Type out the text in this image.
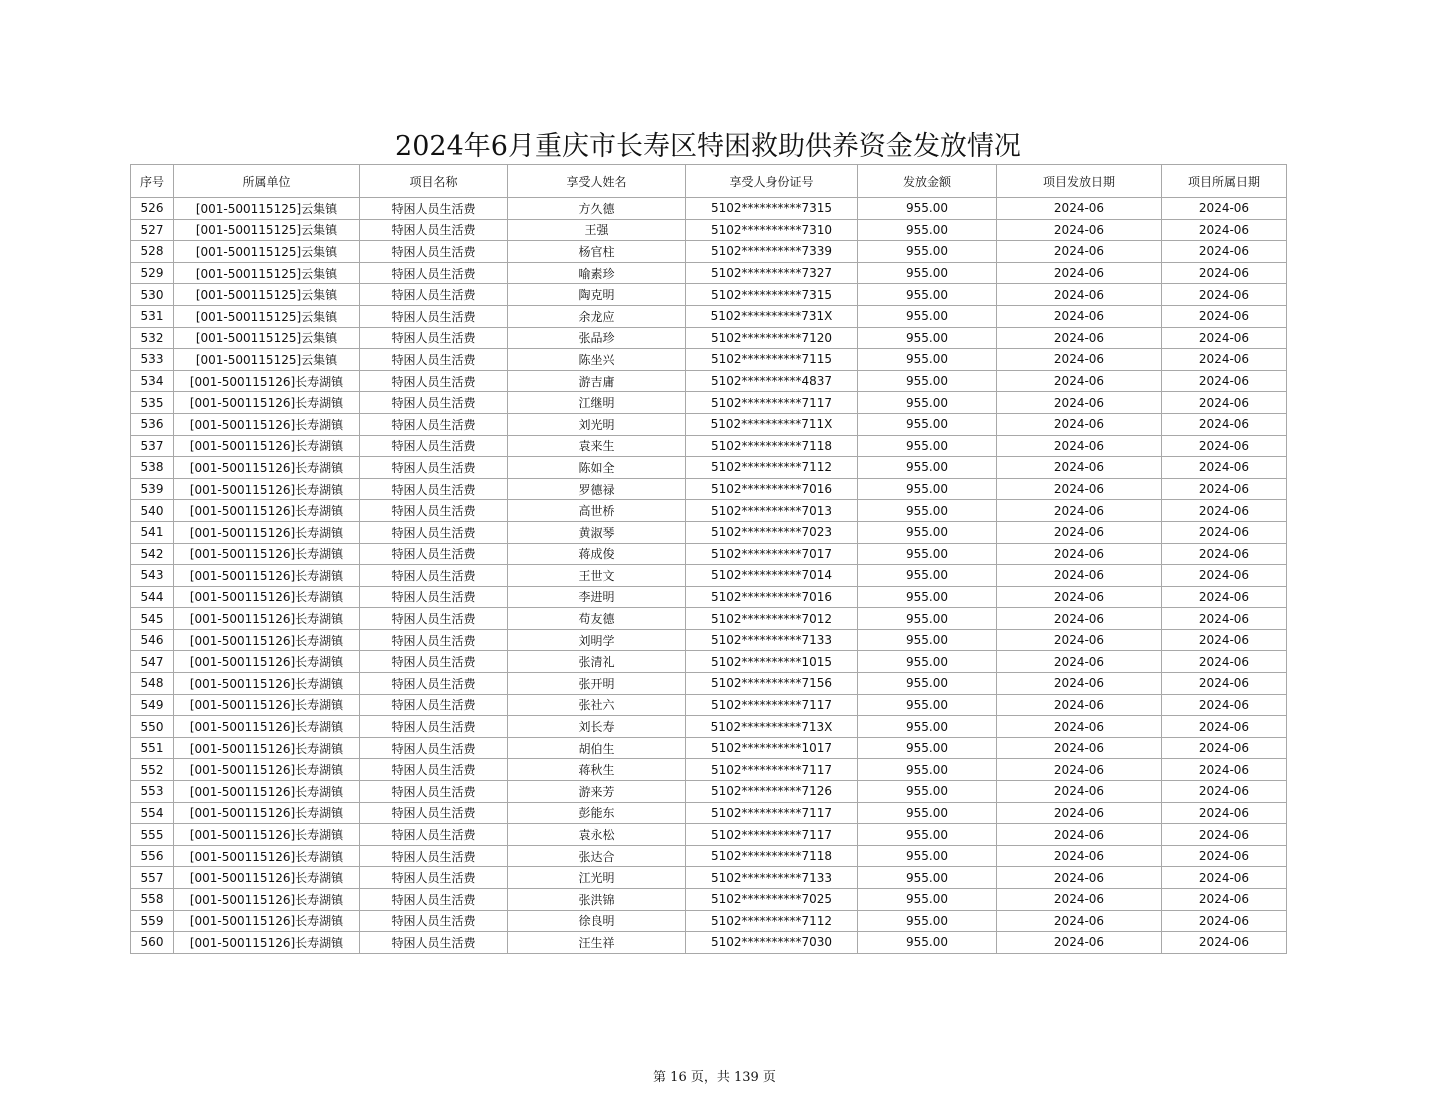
2024年6月重庆市长寿区特困救助供养资金发放情况
序号	所属单位	项目名称	享受人姓名	享受人身份证号	发放金额	项目发放日期	项目所属日期
526	[001-500115125]云集镇	特困人员生活费	方久德	5102**********7315	955.00	2024-06	2024-06
527	[001-500115125]云集镇	特困人员生活费	王强	5102**********7310	955.00	2024-06	2024-06
528	[001-500115125]云集镇	特困人员生活费	杨官柱	5102**********7339	955.00	2024-06	2024-06
529	[001-500115125]云集镇	特困人员生活费	喻素珍	5102**********7327	955.00	2024-06	2024-06
530	[001-500115125]云集镇	特困人员生活费	陶克明	5102**********7315	955.00	2024-06	2024-06
531	[001-500115125]云集镇	特困人员生活费	余龙应	5102**********731X	955.00	2024-06	2024-06
532	[001-500115125]云集镇	特困人员生活费	张品珍	5102**********7120	955.00	2024-06	2024-06
533	[001-500115125]云集镇	特困人员生活费	陈坐兴	5102**********7115	955.00	2024-06	2024-06
534	[001-500115126]长寿湖镇	特困人员生活费	游吉庸	5102**********4837	955.00	2024-06	2024-06
535	[001-500115126]长寿湖镇	特困人员生活费	江继明	5102**********7117	955.00	2024-06	2024-06
536	[001-500115126]长寿湖镇	特困人员生活费	刘光明	5102**********711X	955.00	2024-06	2024-06
537	[001-500115126]长寿湖镇	特困人员生活费	袁来生	5102**********7118	955.00	2024-06	2024-06
538	[001-500115126]长寿湖镇	特困人员生活费	陈如全	5102**********7112	955.00	2024-06	2024-06
539	[001-500115126]长寿湖镇	特困人员生活费	罗德禄	5102**********7016	955.00	2024-06	2024-06
540	[001-500115126]长寿湖镇	特困人员生活费	高世桥	5102**********7013	955.00	2024-06	2024-06
541	[001-500115126]长寿湖镇	特困人员生活费	黄淑琴	5102**********7023	955.00	2024-06	2024-06
542	[001-500115126]长寿湖镇	特困人员生活费	蒋成俊	5102**********7017	955.00	2024-06	2024-06
543	[001-500115126]长寿湖镇	特困人员生活费	王世文	5102**********7014	955.00	2024-06	2024-06
544	[001-500115126]长寿湖镇	特困人员生活费	李进明	5102**********7016	955.00	2024-06	2024-06
545	[001-500115126]长寿湖镇	特困人员生活费	苟友德	5102**********7012	955.00	2024-06	2024-06
546	[001-500115126]长寿湖镇	特困人员生活费	刘明学	5102**********7133	955.00	2024-06	2024-06
547	[001-500115126]长寿湖镇	特困人员生活费	张清礼	5102**********1015	955.00	2024-06	2024-06
548	[001-500115126]长寿湖镇	特困人员生活费	张开明	5102**********7156	955.00	2024-06	2024-06
549	[001-500115126]长寿湖镇	特困人员生活费	张社六	5102**********7117	955.00	2024-06	2024-06
550	[001-500115126]长寿湖镇	特困人员生活费	刘长寿	5102**********713X	955.00	2024-06	2024-06
551	[001-500115126]长寿湖镇	特困人员生活费	胡伯生	5102**********1017	955.00	2024-06	2024-06
552	[001-500115126]长寿湖镇	特困人员生活费	蒋秋生	5102**********7117	955.00	2024-06	2024-06
553	[001-500115126]长寿湖镇	特困人员生活费	游来芳	5102**********7126	955.00	2024-06	2024-06
554	[001-500115126]长寿湖镇	特困人员生活费	彭能东	5102**********7117	955.00	2024-06	2024-06
555	[001-500115126]长寿湖镇	特困人员生活费	袁永松	5102**********7117	955.00	2024-06	2024-06
556	[001-500115126]长寿湖镇	特困人员生活费	张达合	5102**********7118	955.00	2024-06	2024-06
557	[001-500115126]长寿湖镇	特困人员生活费	江光明	5102**********7133	955.00	2024-06	2024-06
558	[001-500115126]长寿湖镇	特困人员生活费	张洪锦	5102**********7025	955.00	2024-06	2024-06
559	[001-500115126]长寿湖镇	特困人员生活费	徐良明	5102**********7112	955.00	2024-06	2024-06
560	[001-500115126]长寿湖镇	特困人员生活费	汪生祥	5102**********7030	955.00	2024-06	2024-06
第 16 页，共 139 页
